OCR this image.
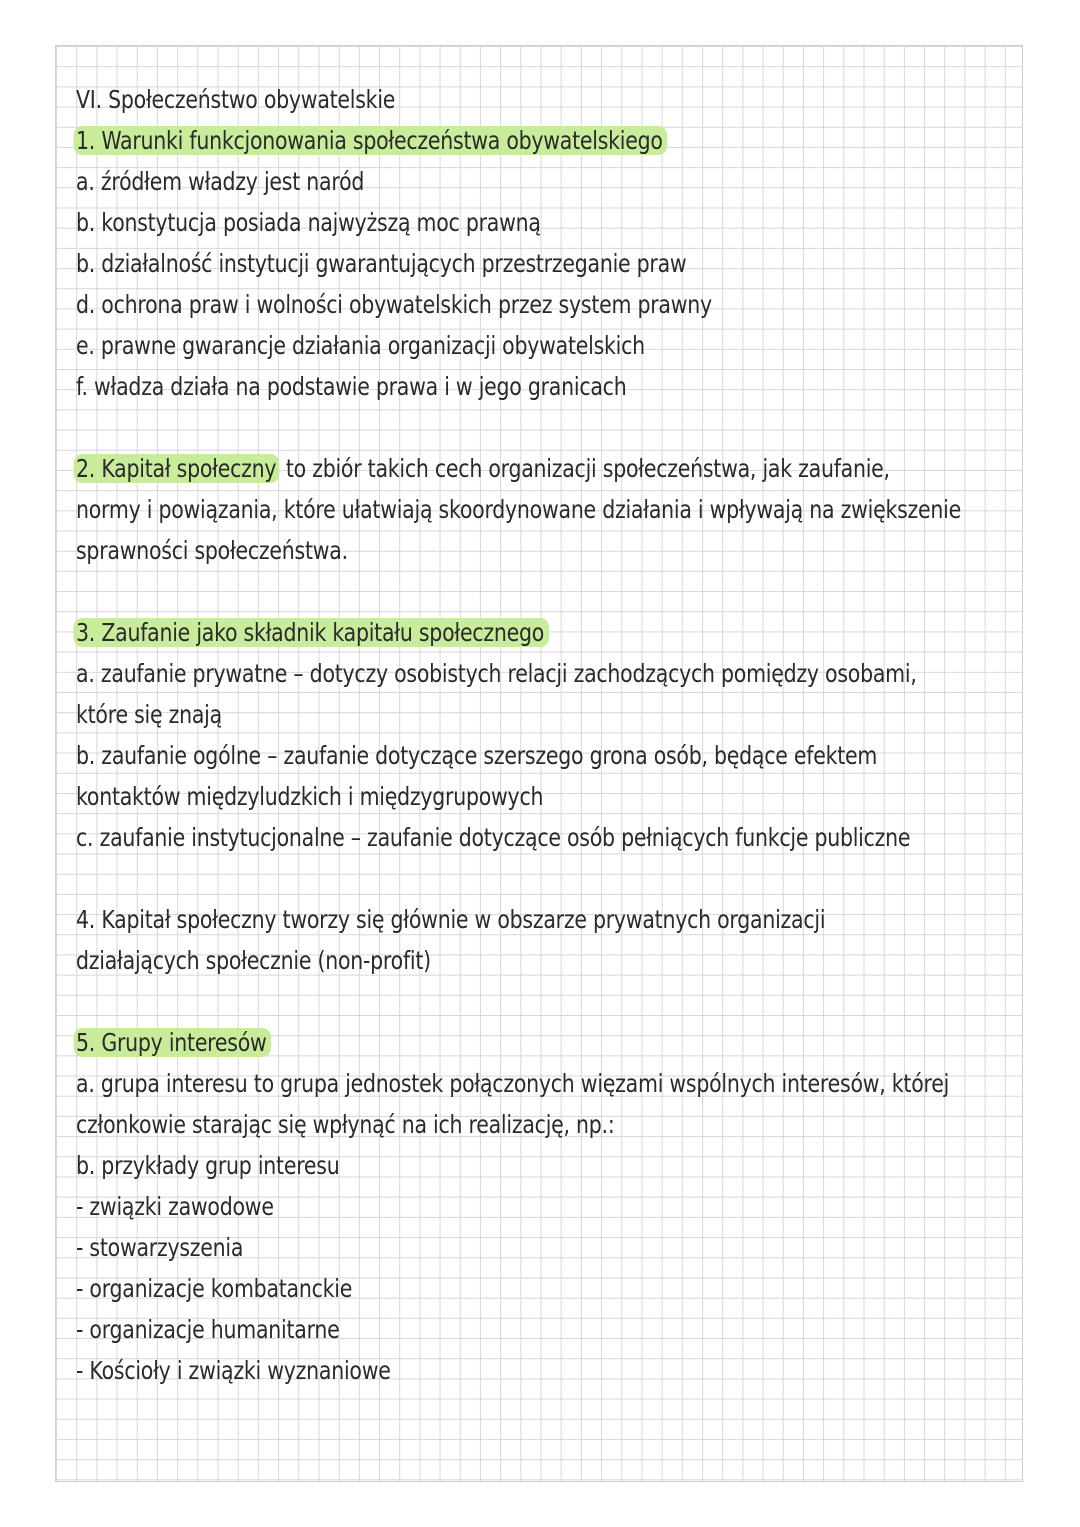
VI. Społeczeństwo obywatelskie
1. Warunki funkcjonowania społeczeństwa obywatelskiego
a. źródłem władzy jest naród
b. konstytucja posiada najwyższą moc prawną
b. działalność instytucji gwarantujących przestrzeganie praw
d. ochrona praw i wolności obywatelskich przez system prawny
e. prawne gwarancje działania organizacji obywatelskich
f. władza działa na podstawie prawa i w jego granicach
2. Kapitał społeczny to zbiór takich cech organizacji społeczeństwa, jak zaufanie,
normy i powiązania, które ułatwiają skoordynowane działania i wpływają na zwiększenie
sprawności społeczeństwa.
3. Zaufanie jako składnik kapitału społecznego
a. zaufanie prywatne – dotyczy osobistych relacji zachodzących pomiędzy osobami,
które się znają
b. zaufanie ogólne – zaufanie dotyczące szerszego grona osób, będące efektem
kontaktów międzyludzkich i międzygrupowych
c. zaufanie instytucjonalne – zaufanie dotyczące osób pełniących funkcje publiczne
4. Kapitał społeczny tworzy się głównie w obszarze prywatnych organizacji
działających społecznie (non-profit)
5. Grupy interesów
a. grupa interesu to grupa jednostek połączonych więzami wspólnych interesów, której
członkowie starając się wpłynąć na ich realizację, np.:
b. przykłady grup interesu
- związki zawodowe
- stowarzyszenia
- organizacje kombatanckie
- organizacje humanitarne
- Kościoły i związki wyznaniowe
